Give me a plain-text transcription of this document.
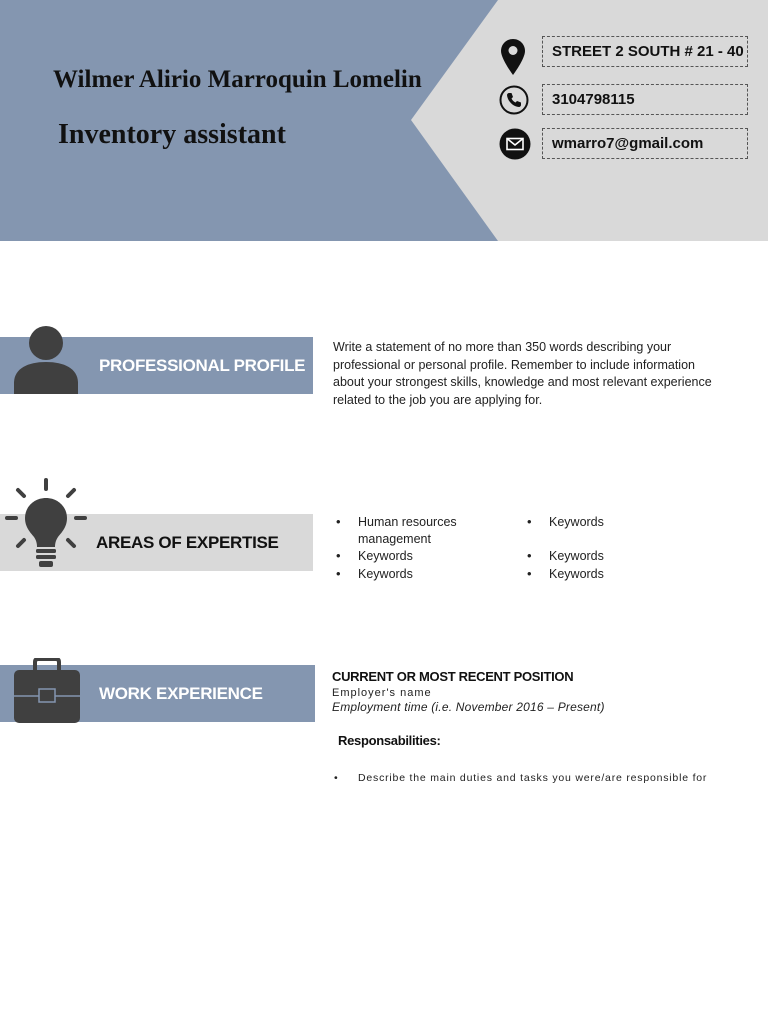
Wilmer Alirio Marroquin Lomelin
Inventory assistant
STREET 2 SOUTH # 21 - 40
3104798115
wmarro7@gmail.com
PROFESSIONAL PROFILE
Write a statement of no more than 350 words describing your professional or personal profile. Remember to include information about your strongest skills, knowledge and most relevant experience related to the job you are applying for.
AREAS OF EXPERTISE
• Human resources management
• Keywords
• Keywords
• Keywords
• Keywords
• Keywords
WORK EXPERIENCE
CURRENT OR MOST RECENT POSITION
Employer's name
Employment time (i.e. November 2016 – Present)
Responsabilities:
• Describe the main duties and tasks you were/are responsible for
